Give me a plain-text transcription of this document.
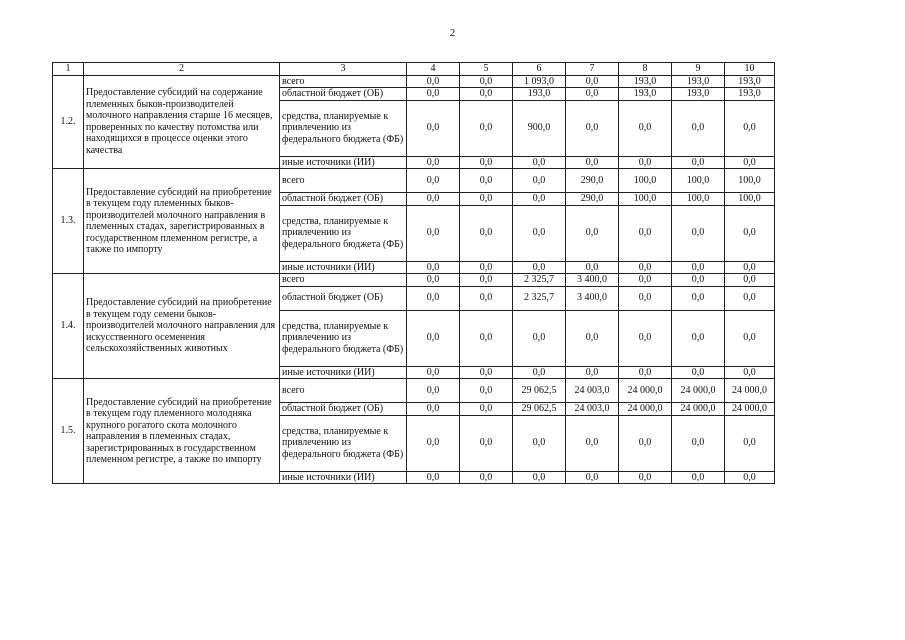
2
1	2	3	4	5	6	7	8	9	10
1.2.	Предоставление субсидий на содержание племенных быков-производителей молочного направления старше 16 месяцев, проверенных по качеству потомства или находящихся в процессе оценки этого качества	всего	0,0	0,0	1 093,0	0,0	193,0	193,0	193,0
		областной бюджет (ОБ)	0,0	0,0	193,0	0,0	193,0	193,0	193,0
		средства, планируемые к привлечению из федерального бюджета (ФБ)	0,0	0,0	900,0	0,0	0,0	0,0	0,0
		иные источники (ИИ)	0,0	0,0	0,0	0,0	0,0	0,0	0,0
1.3.	Предоставление субсидий на приобретение в текущем году племенных быков-производителей молочного направления в племенных стадах, зарегистрированных в государственном племенном регистре, а также по импорту	всего	0,0	0,0	0,0	290,0	100,0	100,0	100,0
		областной бюджет (ОБ)	0,0	0,0	0,0	290,0	100,0	100,0	100,0
		средства, планируемые к привлечению из федерального бюджета (ФБ)	0,0	0,0	0,0	0,0	0,0	0,0	0,0
		иные источники (ИИ)	0,0	0,0	0,0	0,0	0,0	0,0	0,0
1.4.	Предоставление субсидий на приобретение в текущем году семени быков-производителей молочного направления для искусственного осеменения сельскохозяйственных животных	всего	0,0	0,0	2 325,7	3 400,0	0,0	0,0	0,0
		областной бюджет (ОБ)	0,0	0,0	2 325,7	3 400,0	0,0	0,0	0,0
		средства, планируемые к привлечению из федерального бюджета (ФБ)	0,0	0,0	0,0	0,0	0,0	0,0	0,0
		иные источники (ИИ)	0,0	0,0	0,0	0,0	0,0	0,0	0,0
1.5.	Предоставление субсидий на приобретение в текущем году племенного молодняка крупного рогатого скота молочного направления в племенных стадах, зарегистрированных в государственном племенном регистре, а также по импорту	всего	0,0	0,0	29 062,5	24 003,0	24 000,0	24 000,0	24 000,0
		областной бюджет (ОБ)	0,0	0,0	29 062,5	24 003,0	24 000,0	24 000,0	24 000,0
		средства, планируемые к привлечению из федерального бюджета (ФБ)	0,0	0,0	0,0	0,0	0,0	0,0	0,0
		иные источники (ИИ)	0,0	0,0	0,0	0,0	0,0	0,0	0,0
